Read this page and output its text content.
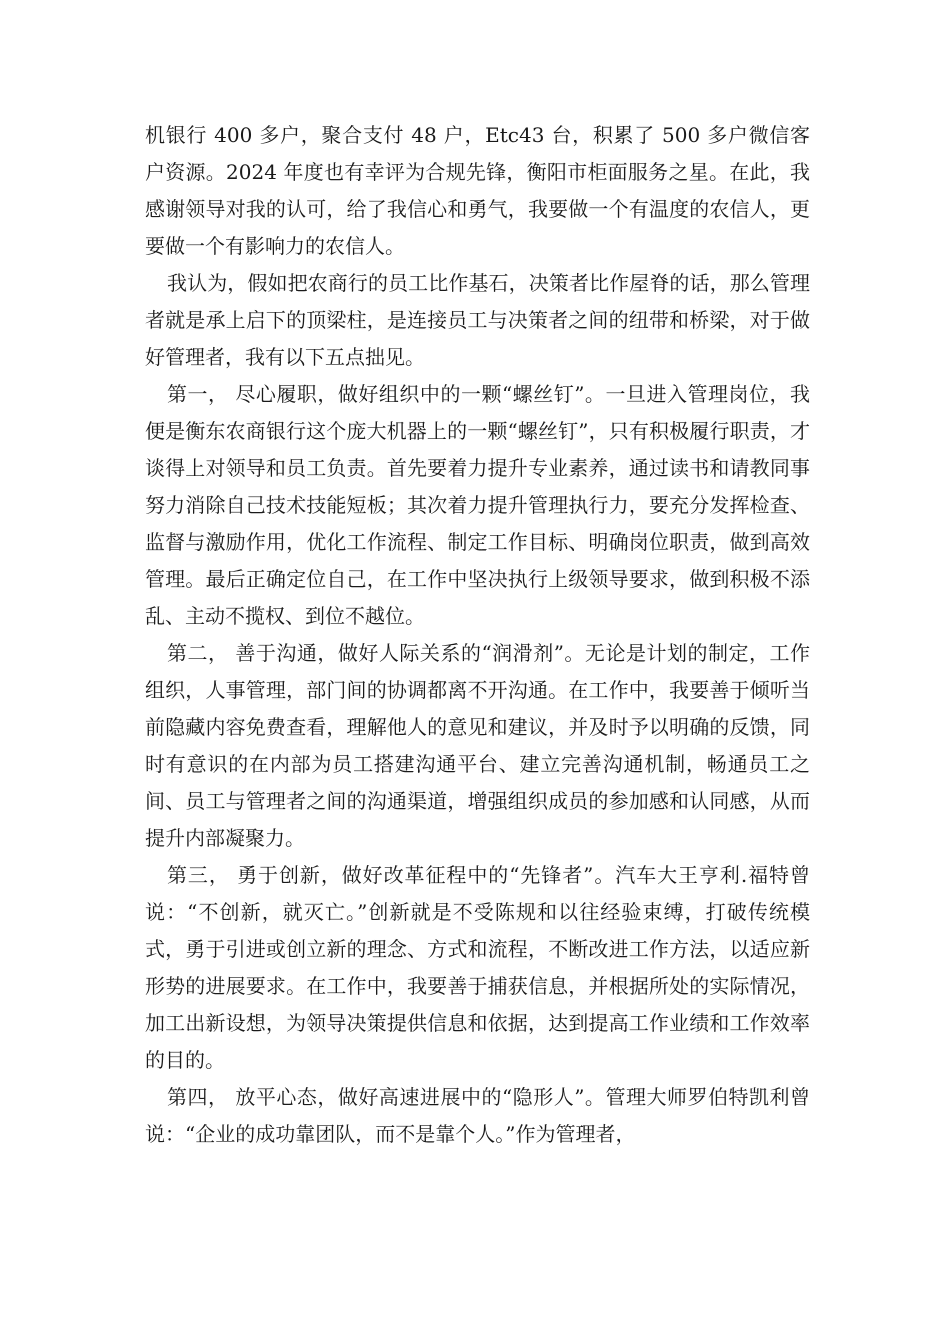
机银行 400 多户，聚合支付 48 户，Etc43 台，积累了 500 多户微信客户资源。2024 年度也有幸评为合规先锋，衡阳市柜面服务之星。在此，我感谢领导对我的认可，给了我信心和勇气，我要做一个有温度的农信人，更要做一个有影响力的农信人。

我认为，假如把农商行的员工比作基石，决策者比作屋脊的话，那么管理者就是承上启下的顶梁柱，是连接员工与决策者之间的纽带和桥梁，对于做好管理者，我有以下五点拙见。

第一， 尽心履职，做好组织中的一颗“螺丝钉”。一旦进入管理岗位，我便是衡东农商银行这个庞大机器上的一颗“螺丝钉”，只有积极履行职责，才谈得上对领导和员工负责。首先要着力提升专业素养，通过读书和请教同事努力消除自己技术技能短板；其次着力提升管理执行力，要充分发挥检查、监督与激励作用，优化工作流程、制定工作目标、明确岗位职责，做到高效管理。最后正确定位自己，在工作中坚决执行上级领导要求，做到积极不添乱、主动不揽权、到位不越位。

第二， 善于沟通，做好人际关系的“润滑剂”。无论是计划的制定，工作组织，人事管理，部门间的协调都离不开沟通。在工作中，我要善于倾听当前隐藏内容免费查看，理解他人的意见和建议，并及时予以明确的反馈，同时有意识的在内部为员工搭建沟通平台、建立完善沟通机制，畅通员工之间、员工与管理者之间的沟通渠道，增强组织成员的参加感和认同感，从而提升内部凝聚力。

第三， 勇于创新，做好改革征程中的“先锋者”。汽车大王亨利.福特曾说：“不创新，就灭亡。”创新就是不受陈规和以往经验束缚，打破传统模式，勇于引进或创立新的理念、方式和流程，不断改进工作方法，以适应新形势的进展要求。在工作中，我要善于捕获信息，并根据所处的实际情况，加工出新设想，为领导决策提供信息和依据，达到提高工作业绩和工作效率的目的。

第四， 放平心态，做好高速进展中的“隐形人”。管理大师罗伯特凯利曾说：“企业的成功靠团队，而不是靠个人。”作为管理者，
